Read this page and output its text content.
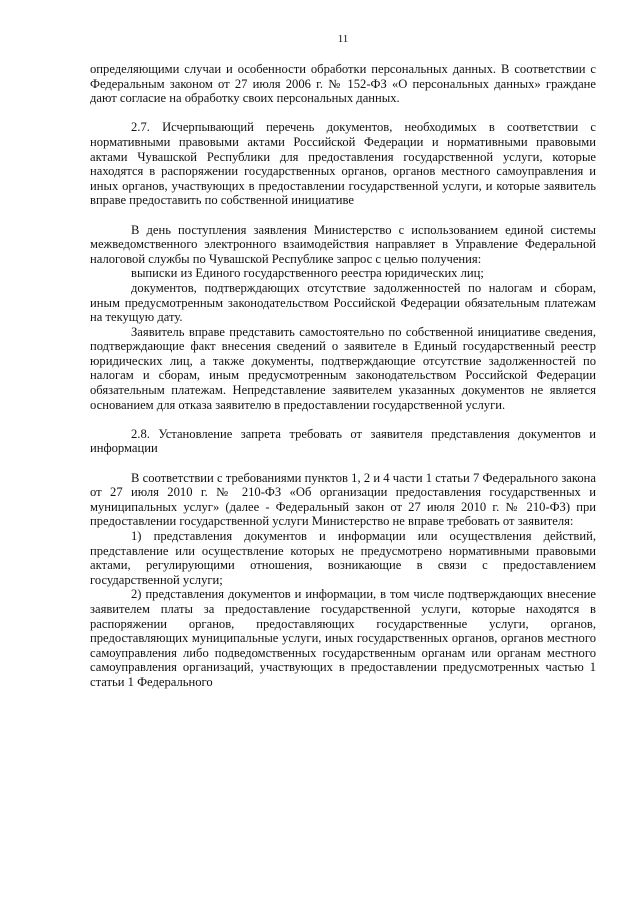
11

определяющими случаи и особенности обработки персональных данных. В соответствии с Федеральным законом от 27 июля 2006 г. № 152-ФЗ «О персональных данных» граждане дают согласие на обработку своих персональных данных.

2.7. Исчерпывающий перечень документов, необходимых в соответствии с нормативными правовыми актами Российской Федерации и нормативными правовыми актами Чувашской Республики для предоставления государственной услуги, которые находятся в распоряжении государственных органов, органов местного самоуправления и иных органов, участвующих в предоставлении государственной услуги, и которые заявитель вправе предоставить по собственной инициативе

В день поступления заявления Министерство с использованием единой системы межведомственного электронного взаимодействия направляет в Управление Федеральной налоговой службы по Чувашской Республике запрос с целью получения:

выписки из Единого государственного реестра юридических лиц;

документов, подтверждающих отсутствие задолженностей по налогам и сборам, иным предусмотренным законодательством Российской Федерации обязательным платежам на текущую дату.

Заявитель вправе представить самостоятельно по собственной инициативе сведения, подтверждающие факт внесения сведений о заявителе в Единый государственный реестр юридических лиц, а также документы, подтверждающие отсутствие задолженностей по налогам и сборам, иным предусмотренным законодательством Российской Федерации обязательным платежам. Непредставление заявителем указанных документов не является основанием для отказа заявителю в предоставлении государственной услуги.

2.8. Установление запрета требовать от заявителя представления документов и информации

В соответствии с требованиями пунктов 1, 2 и 4 части 1 статьи 7 Федерального закона от 27 июля 2010 г. № 210-ФЗ «Об организации предоставления государственных и муниципальных услуг» (далее - Федеральный закон от 27 июля 2010 г. № 210-ФЗ) при предоставлении государственной услуги Министерство не вправе требовать от заявителя:

1) представления документов и информации или осуществления действий, представление или осуществление которых не предусмотрено нормативными правовыми актами, регулирующими отношения, возникающие в связи с предоставлением государственной услуги;

2) представления документов и информации, в том числе подтверждающих внесение заявителем платы за предоставление государственной услуги, которые находятся в распоряжении органов, предоставляющих государственные услуги, органов, предоставляющих муниципальные услуги, иных государственных органов, органов местного самоуправления либо подведомственных государственным органам или органам местного самоуправления организаций, участвующих в предоставлении предусмотренных частью 1 статьи 1 Федерального
